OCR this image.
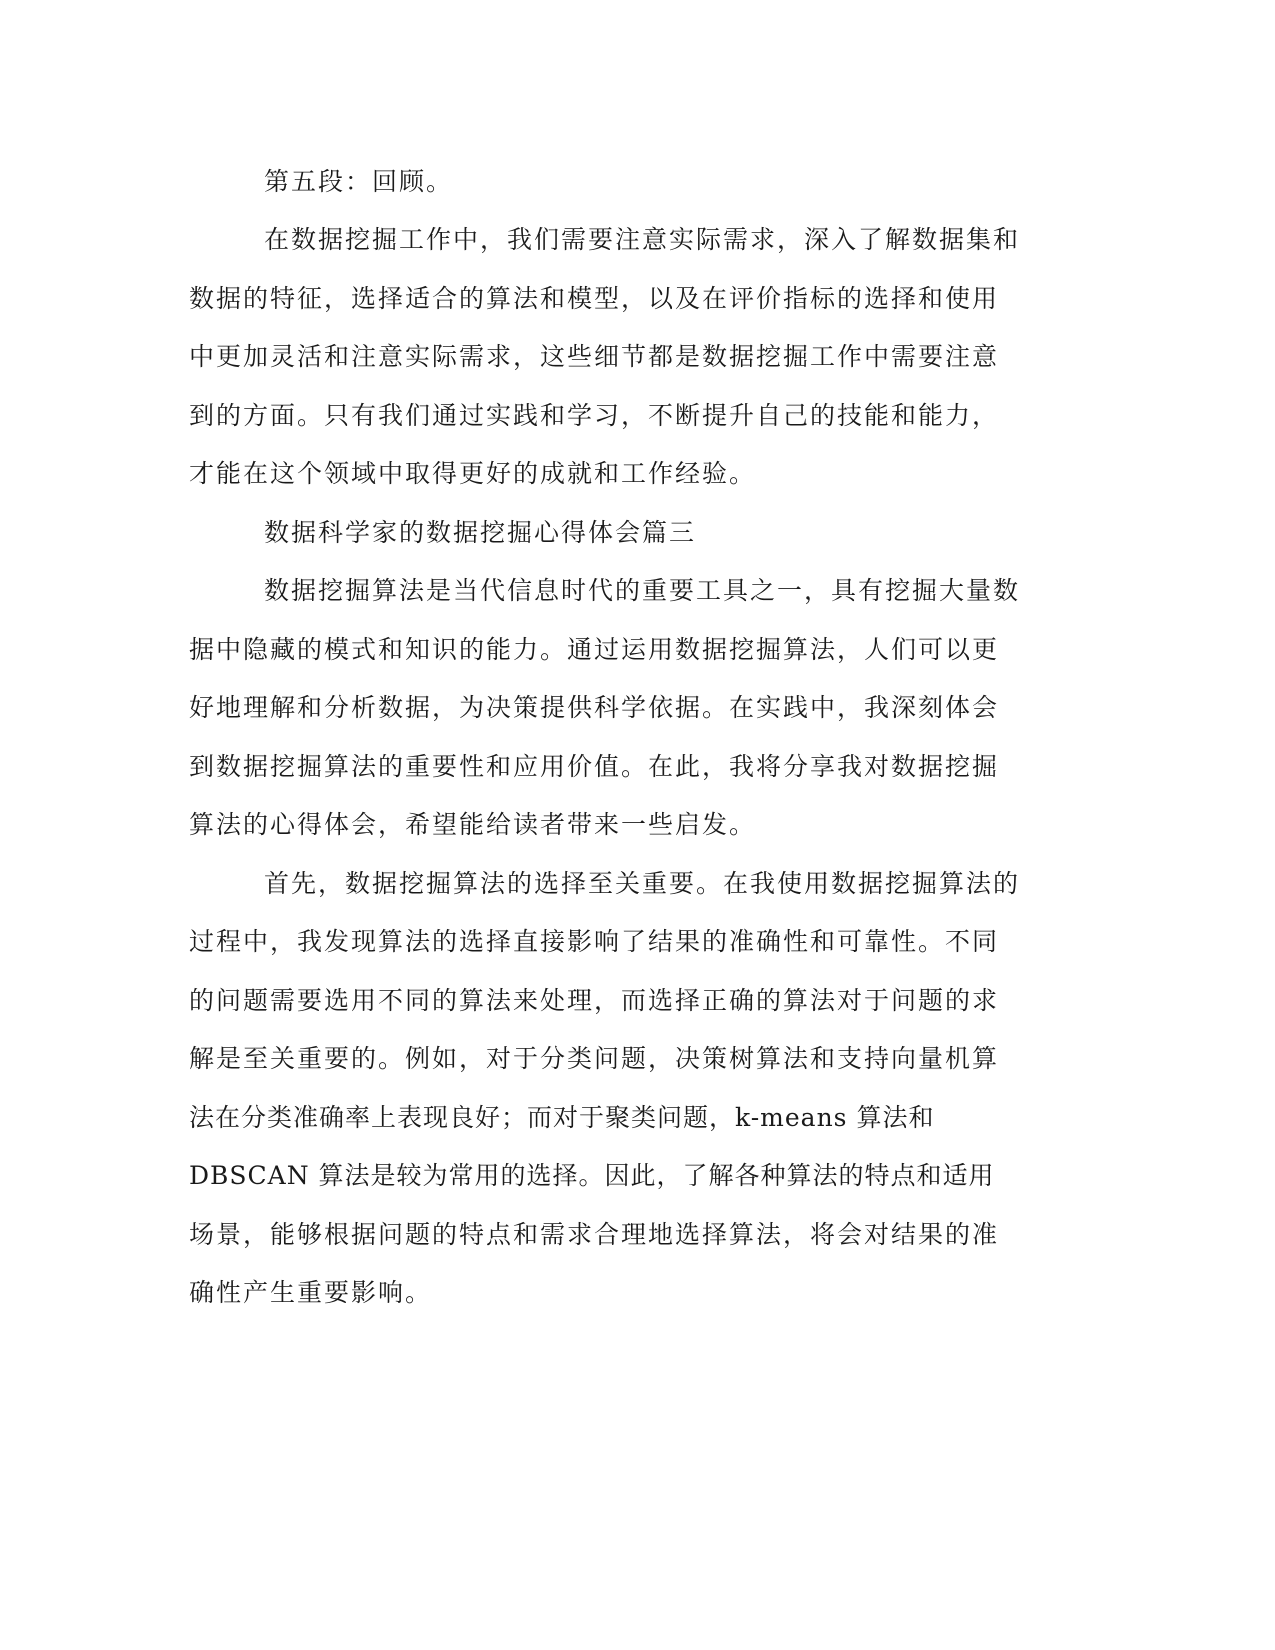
第五段：回顾。
在数据挖掘工作中，我们需要注意实际需求，深入了解数据集和
数据的特征，选择适合的算法和模型，以及在评价指标的选择和使用
中更加灵活和注意实际需求，这些细节都是数据挖掘工作中需要注意
到的方面。只有我们通过实践和学习，不断提升自己的技能和能力，
才能在这个领域中取得更好的成就和工作经验。
数据科学家的数据挖掘心得体会篇三
数据挖掘算法是当代信息时代的重要工具之一，具有挖掘大量数
据中隐藏的模式和知识的能力。通过运用数据挖掘算法，人们可以更
好地理解和分析数据，为决策提供科学依据。在实践中，我深刻体会
到数据挖掘算法的重要性和应用价值。在此，我将分享我对数据挖掘
算法的心得体会，希望能给读者带来一些启发。
首先，数据挖掘算法的选择至关重要。在我使用数据挖掘算法的
过程中，我发现算法的选择直接影响了结果的准确性和可靠性。不同
的问题需要选用不同的算法来处理，而选择正确的算法对于问题的求
解是至关重要的。例如，对于分类问题，决策树算法和支持向量机算
法在分类准确率上表现良好；而对于聚类问题，k-means 算法和
DBSCAN 算法是较为常用的选择。因此，了解各种算法的特点和适用
场景，能够根据问题的特点和需求合理地选择算法，将会对结果的准
确性产生重要影响。
